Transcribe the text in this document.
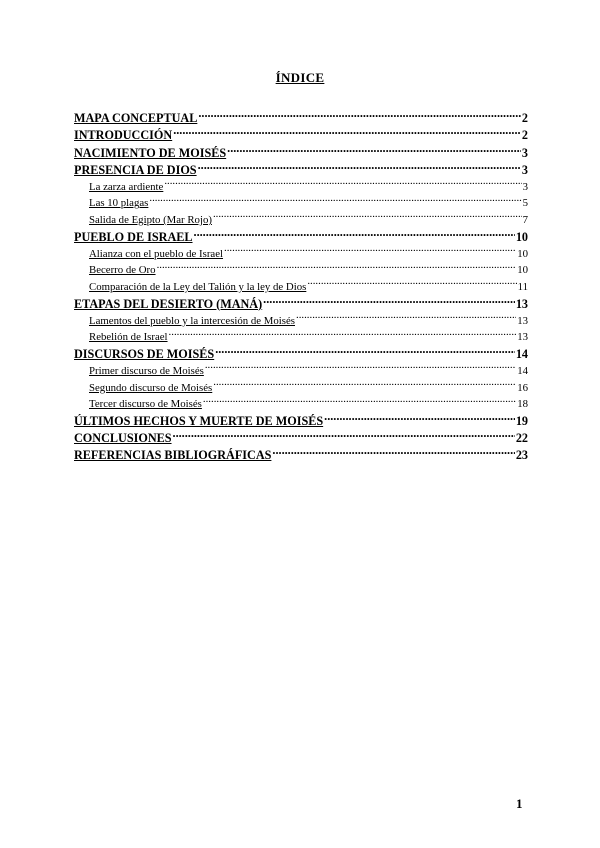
ÍNDICE
MAPA CONCEPTUAL .....	2
INTRODUCCIÓN .....	2
NACIMIENTO DE MOISÉS .....	3
PRESENCIA DE DIOS .....	3
La zarza ardiente .....	3
Las 10 plagas .....	5
Salida de Egipto (Mar Rojo) .....	7
PUEBLO DE ISRAEL .....	10
Alianza con el pueblo de Israel .....	10
Becerro de Oro .....	10
Comparación de la Ley del Talión y la ley de Dios .....	11
ETAPAS DEL DESIERTO (MANÁ) .....	13
Lamentos del pueblo y la intercesión de Moisés .....	13
Rebelión de Israel .....	13
DISCURSOS DE MOISÉS .....	14
Primer discurso de Moisés .....	14
Segundo discurso de Moisés .....	16
Tercer discurso de Moisés .....	18
ÚLTIMOS HECHOS Y MUERTE DE MOISÉS .....	19
CONCLUSIONES .....	22
REFERENCIAS BIBLIOGRÁFICAS .....	23
1
